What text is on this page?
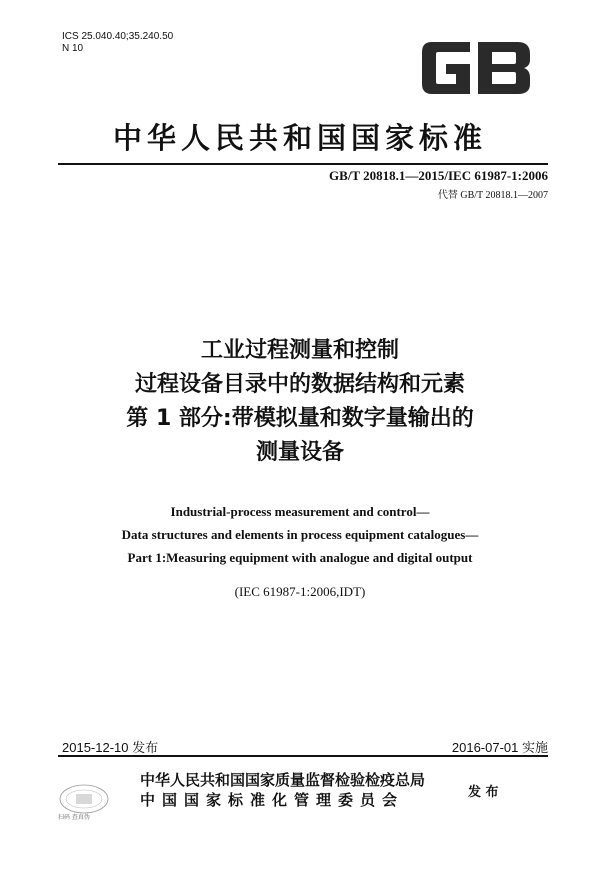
ICS 25.040.40;35.240.50
N 10
中华人民共和国国家标准
GB/T 20818.1—2015/IEC 61987-1:2006
代替 GB/T 20818.1—2007
工业过程测量和控制
过程设备目录中的数据结构和元素
第 1 部分:带模拟量和数字量输出的
测量设备
Industrial-process measurement and control—
Data structures and elements in process equipment catalogues—
Part 1:Measuring equipment with analogue and digital output
(IEC 61987-1:2006,IDT)
2015-12-10 发布	2016-07-01 实施
扫码 查真伪
中华人民共和国国家质量监督检验检疫总局
中国国家标准化管理委员会	发 布
